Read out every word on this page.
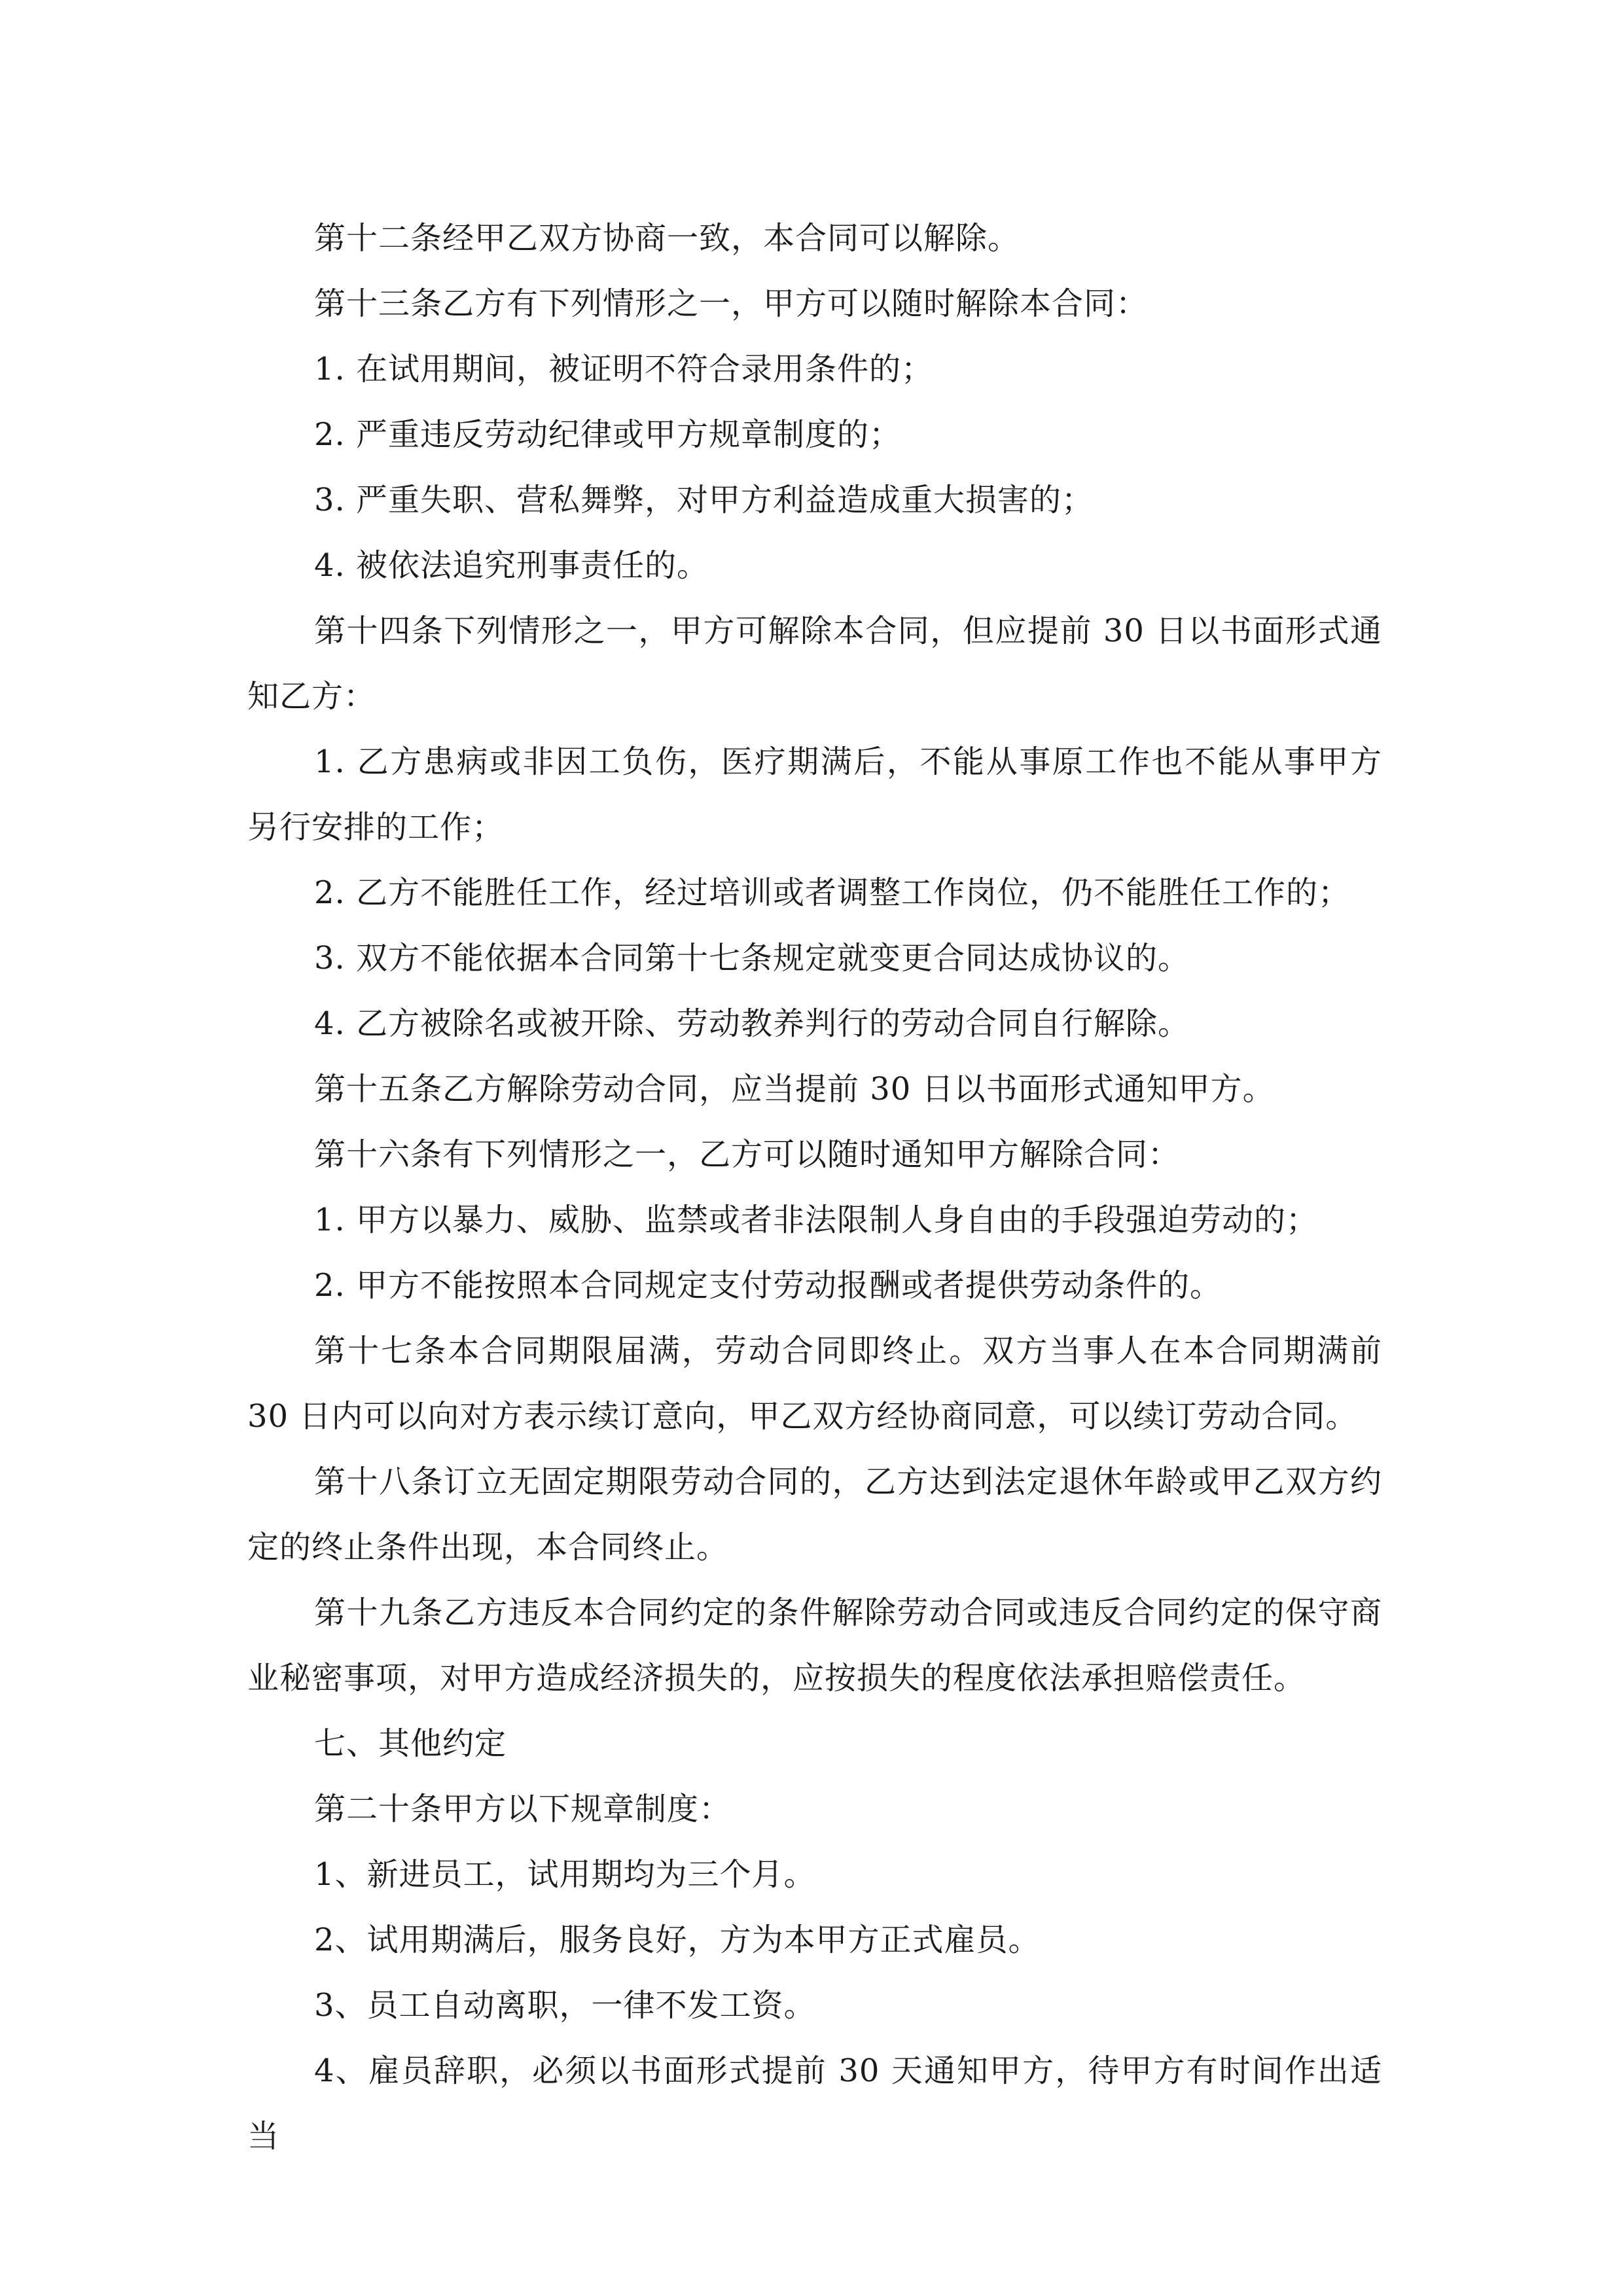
第十二条经甲乙双方协商一致，本合同可以解除。

第十三条乙方有下列情形之一，甲方可以随时解除本合同：

1. 在试用期间，被证明不符合录用条件的；

2. 严重违反劳动纪律或甲方规章制度的；

3. 严重失职、营私舞弊，对甲方利益造成重大损害的；

4. 被依法追究刑事责任的。

第十四条下列情形之一，甲方可解除本合同，但应提前 30 日以书面形式通知乙方：

1. 乙方患病或非因工负伤，医疗期满后，不能从事原工作也不能从事甲方另行安排的工作；

2. 乙方不能胜任工作，经过培训或者调整工作岗位，仍不能胜任工作的；

3. 双方不能依据本合同第十七条规定就变更合同达成协议的。

4. 乙方被除名或被开除、劳动教养判行的劳动合同自行解除。

第十五条乙方解除劳动合同，应当提前 30 日以书面形式通知甲方。

第十六条有下列情形之一，乙方可以随时通知甲方解除合同：

1. 甲方以暴力、威胁、监禁或者非法限制人身自由的手段强迫劳动的；

2. 甲方不能按照本合同规定支付劳动报酬或者提供劳动条件的。

第十七条本合同期限届满，劳动合同即终止。双方当事人在本合同期满前 30 日内可以向对方表示续订意向，甲乙双方经协商同意，可以续订劳动合同。

第十八条订立无固定期限劳动合同的，乙方达到法定退休年龄或甲乙双方约定的终止条件出现，本合同终止。

第十九条乙方违反本合同约定的条件解除劳动合同或违反合同约定的保守商业秘密事项，对甲方造成经济损失的，应按损失的程度依法承担赔偿责任。

七、其他约定

第二十条甲方以下规章制度：

1、新进员工，试用期均为三个月。

2、试用期满后，服务良好，方为本甲方正式雇员。

3、员工自动离职，一律不发工资。

4、雇员辞职，必须以书面形式提前 30 天通知甲方，待甲方有时间作出适当
